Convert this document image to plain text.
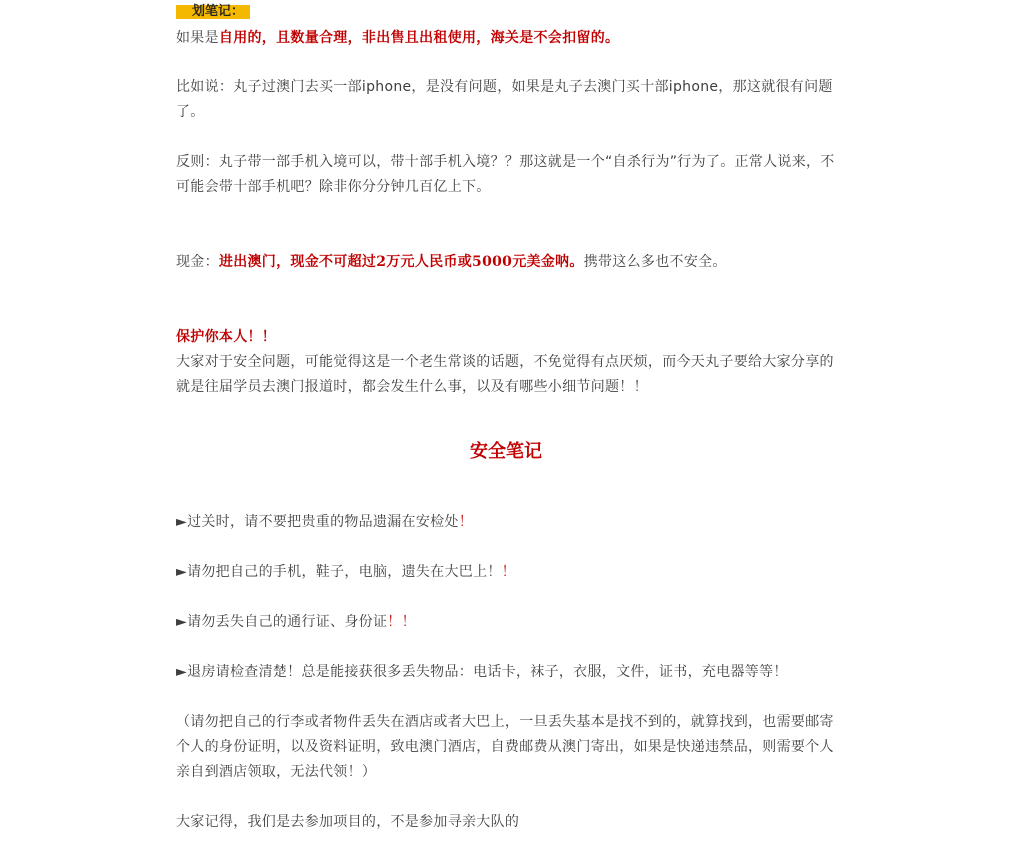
划笔记：

如果是自用的，且数量合理，非出售且出租使用，海关是不会扣留的。

比如说：丸子过澳门去买一部iphone，是没有问题，如果是丸子去澳门买十部iphone，那这就很有问题了。

反则：丸子带一部手机入境可以，带十部手机入境？？那这就是一个“自杀行为”行为了。正常人说来，不可能会带十部手机吧？除非你分分钟几百亿上下。

现金：进出澳门，现金不可超过2万元人民币或5000元美金呐。携带这么多也不安全。

保护你本人！！

大家对于安全问题，可能觉得这是一个老生常谈的话题，不免觉得有点厌烦，而今天丸子要给大家分享的就是往届学员去澳门报道时，都会发生什么事，以及有哪些小细节问题！！

安全笔记

►过关时，请不要把贵重的物品遗漏在安检处！

►请勿把自己的手机，鞋子，电脑，遗失在大巴上！！

►请勿丢失自己的通行证、身份证！！

►退房请检查清楚！总是能接获很多丢失物品：电话卡，袜子，衣服，文件，证书，充电器等等！

（请勿把自己的行李或者物件丢失在酒店或者大巴上，一旦丢失基本是找不到的，就算找到，也需要邮寄个人的身份证明，以及资料证明，致电澳门酒店，自费邮费从澳门寄出，如果是快递违禁品，则需要个人亲自到酒店领取，无法代领！）

大家记得，我们是去参加项目的，不是参加寻亲大队的
